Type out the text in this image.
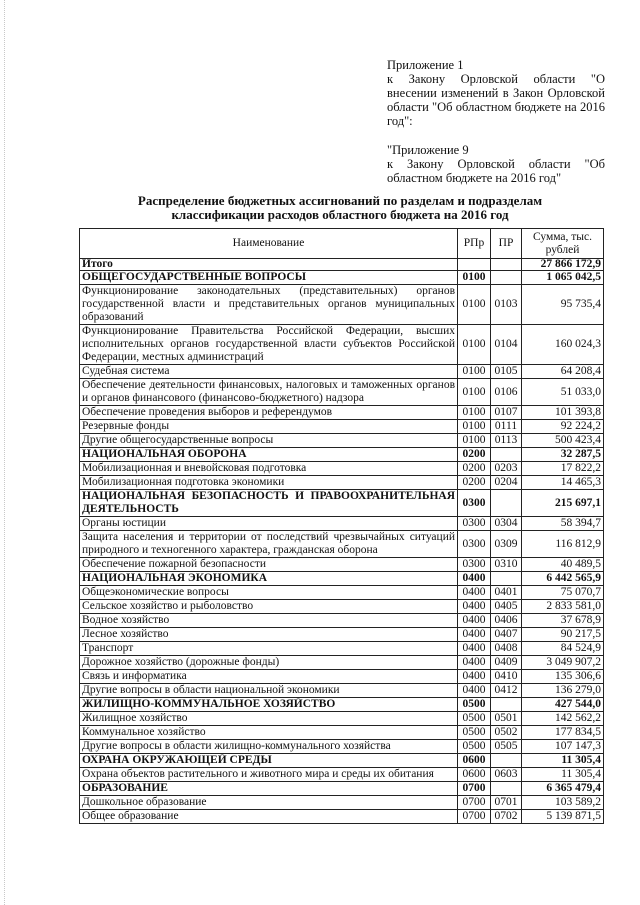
Приложение 1

к Закону Орловской области "О внесении изменений в Закон Орловской области "Об областном бюджете на 2016 год":

"Приложение 9

к Закону Орловской области "Об областном бюджете на 2016 год"

Распределение бюджетных ассигнований по разделам и подразделам
классификации расходов областного бюджета на 2016 год
Наименование	РПр	ПР	Сумма, тыс. рублей
Итого			27 866 172,9
ОБЩЕГОСУДАРСТВЕННЫЕ ВОПРОСЫ	0100		1 065 042,5
Функционирование законодательных (представительных) органов государственной власти и представительных органов муниципальных образований	0100	0103	95 735,4
Функционирование Правительства Российской Федерации, высших исполнительных органов государственной власти субъектов Российской Федерации, местных администраций	0100	0104	160 024,3
Судебная система	0100	0105	64 208,4
Обеспечение деятельности финансовых, налоговых и таможенных органов и органов финансового (финансово-бюджетного) надзора	0100	0106	51 033,0
Обеспечение проведения выборов и референдумов	0100	0107	101 393,8
Резервные фонды	0100	0111	92 224,2
Другие общегосударственные вопросы	0100	0113	500 423,4
НАЦИОНАЛЬНАЯ ОБОРОНА	0200		32 287,5
Мобилизационная и вневойсковая подготовка	0200	0203	17 822,2
Мобилизационная подготовка экономики	0200	0204	14 465,3
НАЦИОНАЛЬНАЯ БЕЗОПАСНОСТЬ И ПРАВООХРАНИТЕЛЬНАЯ ДЕЯТЕЛЬНОСТЬ	0300		215 697,1
Органы юстиции	0300	0304	58 394,7
Защита населения и территории от последствий чрезвычайных ситуаций природного и техногенного характера, гражданская оборона	0300	0309	116 812,9
Обеспечение пожарной безопасности	0300	0310	40 489,5
НАЦИОНАЛЬНАЯ ЭКОНОМИКА	0400		6 442 565,9
Общеэкономические вопросы	0400	0401	75 070,7
Сельское хозяйство и рыболовство	0400	0405	2 833 581,0
Водное хозяйство	0400	0406	37 678,9
Лесное хозяйство	0400	0407	90 217,5
Транспорт	0400	0408	84 524,9
Дорожное хозяйство (дорожные фонды)	0400	0409	3 049 907,2
Связь и информатика	0400	0410	135 306,6
Другие вопросы в области национальной экономики	0400	0412	136 279,0
ЖИЛИЩНО-КОММУНАЛЬНОЕ ХОЗЯЙСТВО	0500		427 544,0
Жилищное хозяйство	0500	0501	142 562,2
Коммунальное хозяйство	0500	0502	177 834,5
Другие вопросы в области жилищно-коммунального хозяйства	0500	0505	107 147,3
ОХРАНА ОКРУЖАЮЩЕЙ СРЕДЫ	0600		11 305,4
Охрана объектов растительного и животного мира и среды их обитания	0600	0603	11 305,4
ОБРАЗОВАНИЕ	0700		6 365 479,4
Дошкольное образование	0700	0701	103 589,2
Общее образование	0700	0702	5 139 871,5
